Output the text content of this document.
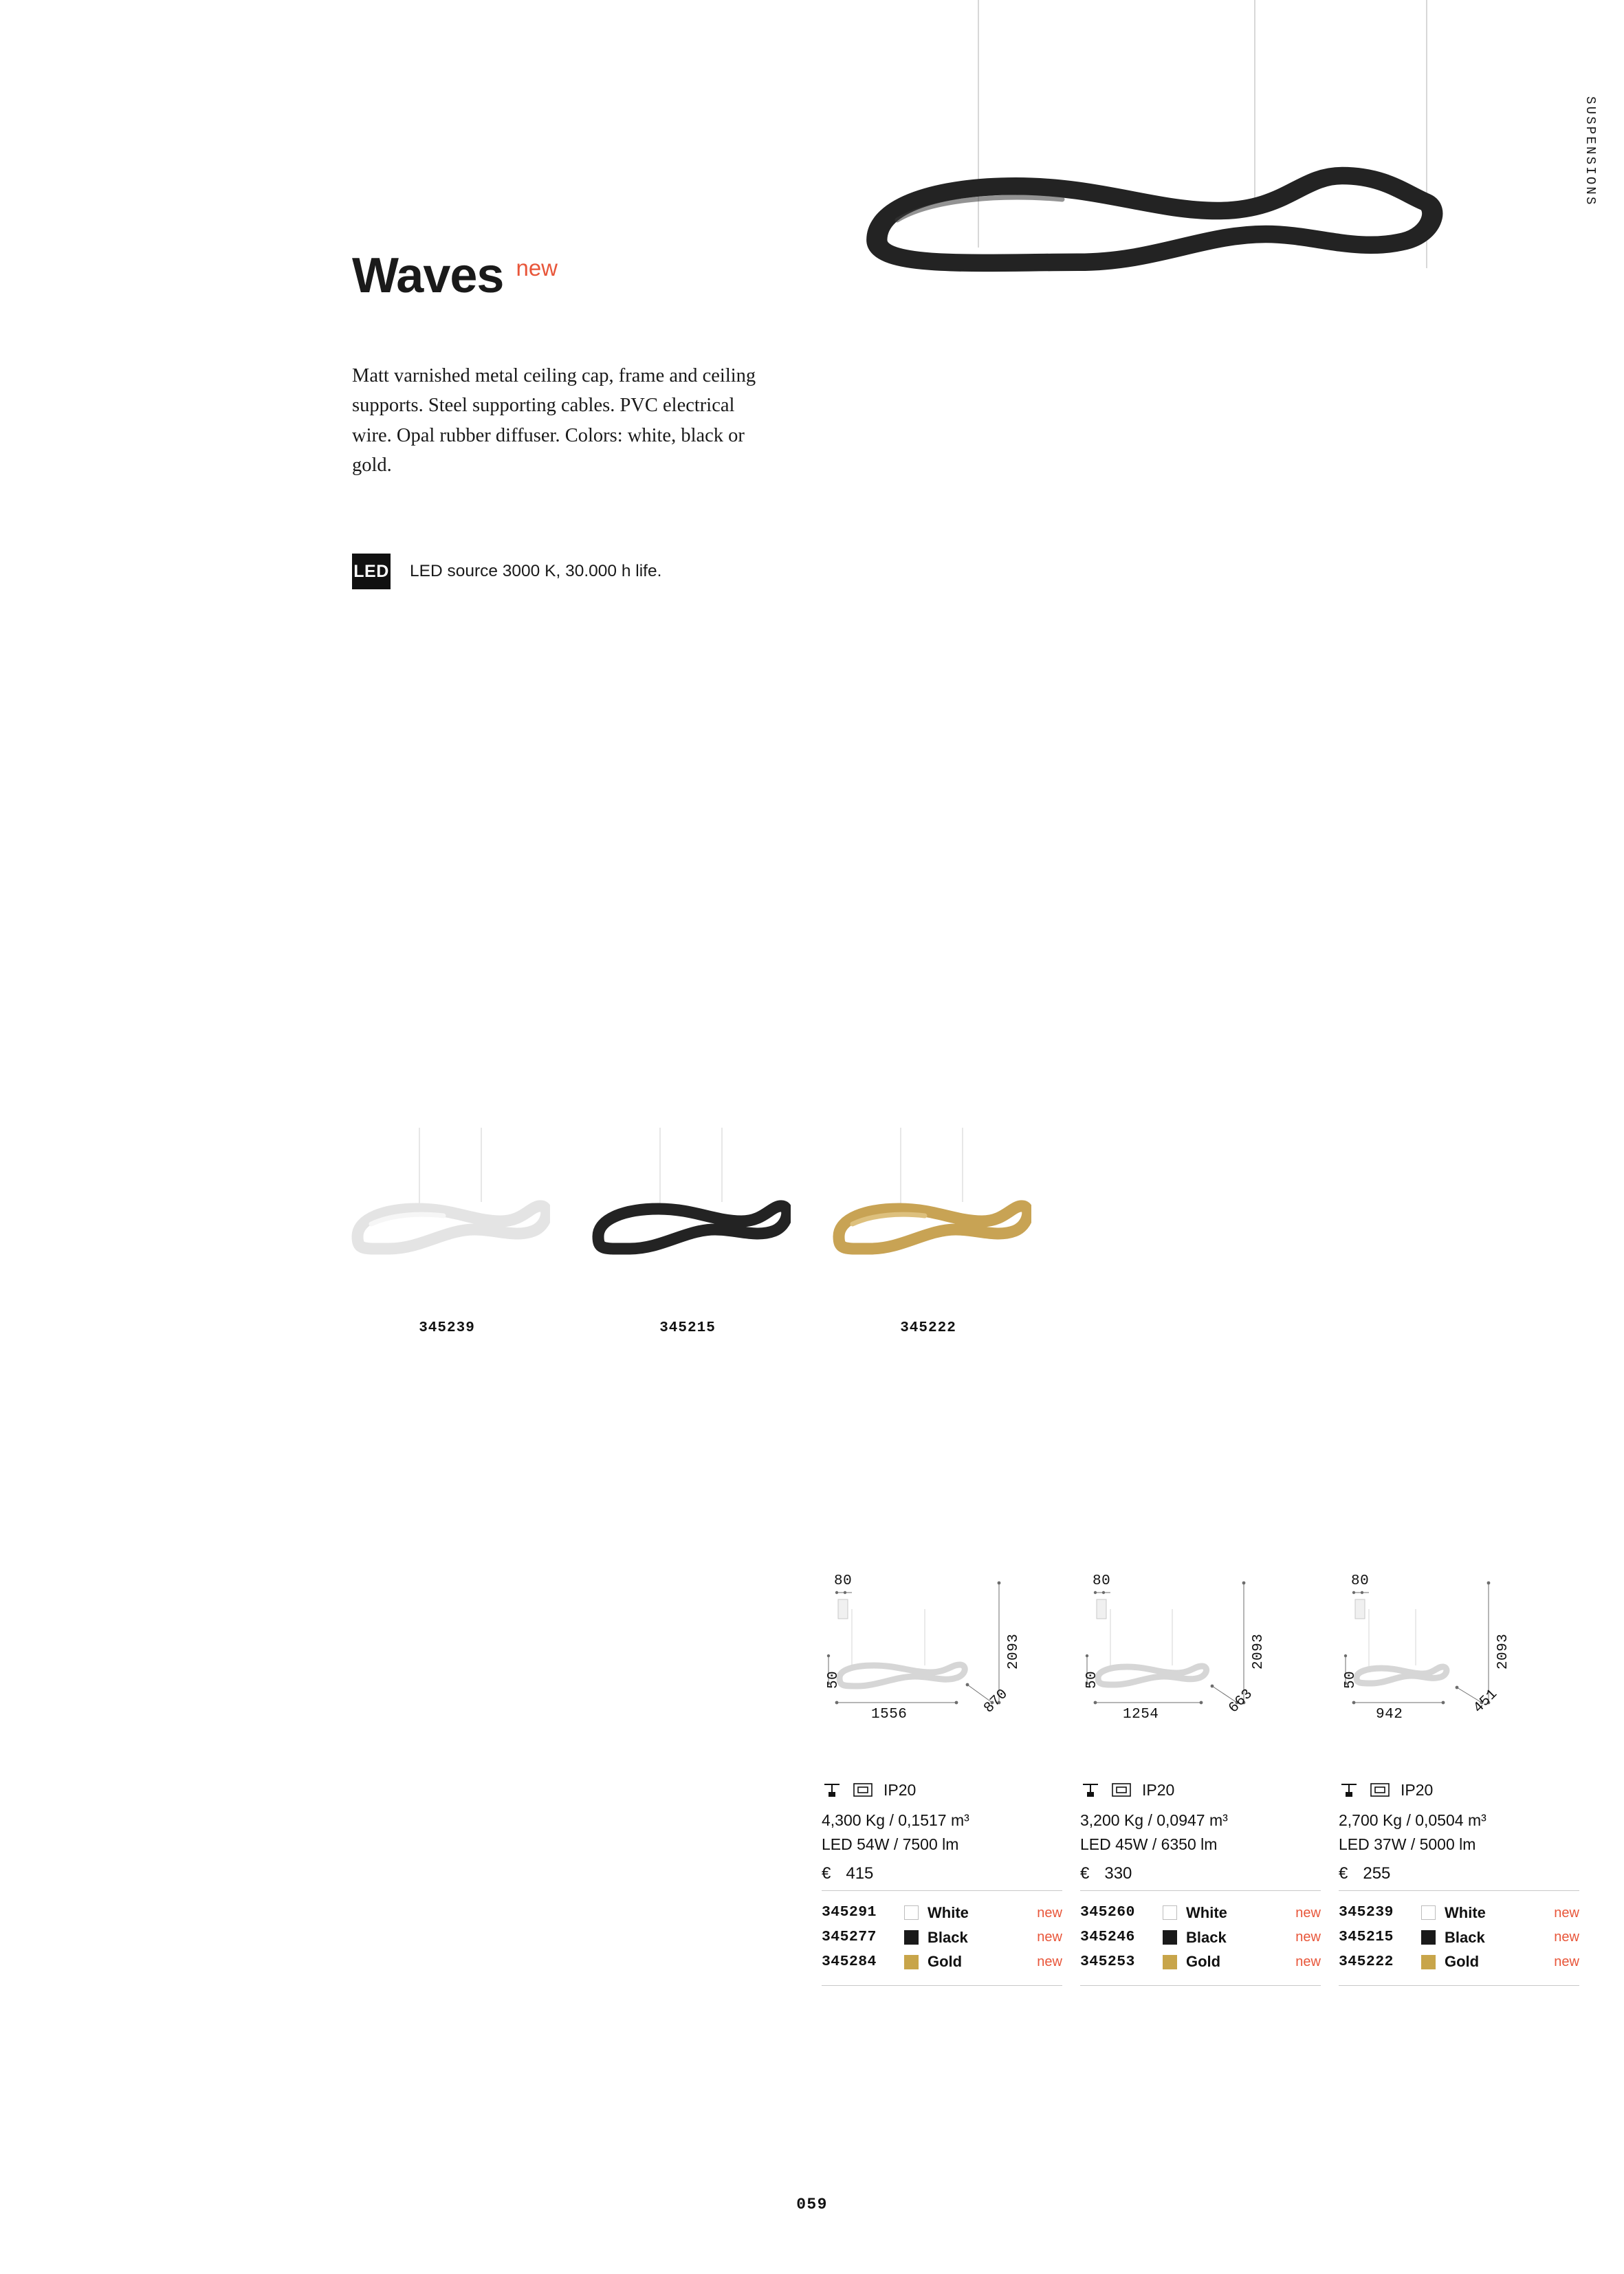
SUSPENSIONS
Waves new
Matt varnished metal ceiling cap, frame and ceiling supports. Steel supporting cables. PVC electrical wire. Opal rubber diffuser. Colors: white, black or gold.
LED LED source 3000 K, 30.000 h life.
345239	345215	345222
80
50
1556
2093
870
IP20
4,300 Kg / 0,1517 m³
LED 54W / 7500 lm
€ 415
345291	White	new
345277	Black	new
345284	Gold	new
80
50
1254
2093
663
IP20
3,200 Kg / 0,0947 m³
LED 45W / 6350 lm
€ 330
345260	White	new
345246	Black	new
345253	Gold	new
80
50
942
2093
451
IP20
2,700 Kg / 0,0504 m³
LED 37W / 5000 lm
€ 255
345239	White	new
345215	Black	new
345222	Gold	new
059
